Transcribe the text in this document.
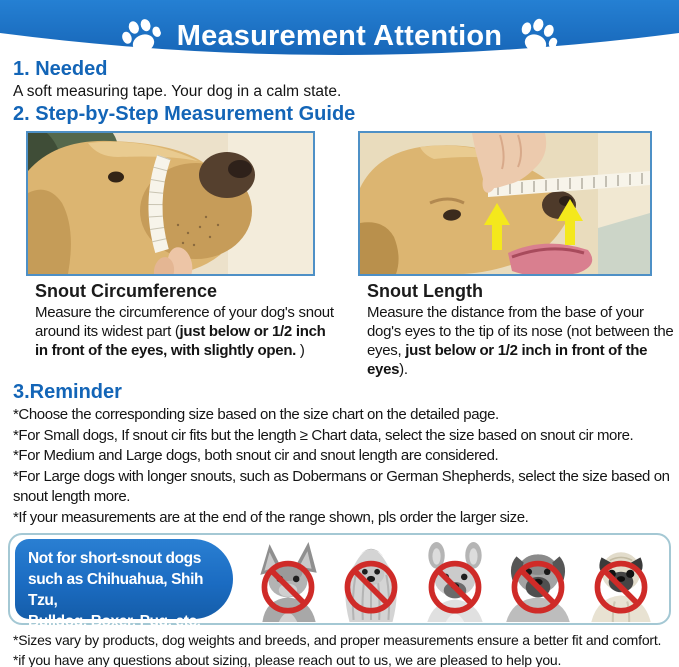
Measurement Attention
Please measure before buying
1. Needed

A soft measuring tape. Your dog in a calm state.

2. Step-by-Step Measurement Guide
Snout Circumference

Measure the circumference of your dog's snout around its widest part (just below or 1/2 inch in front of the eyes, with slightly open. )

Snout Length

Measure the distance from the base of your dog's eyes to the tip of its nose (not between the eyes, just below or 1/2 inch in front of the eyes).

3.Reminder

*Choose the corresponding size based on the size chart on the detailed page.

*For Small dogs, If snout cir fits but the length ≥ Chart data, select the size based on snout cir more.

*For Medium and Large dogs, both snout cir and snout length are considered.

*For Large dogs with longer snouts, such as Dobermans or German Shepherds, select the size based on snout length more.

*If your measurements are at the end of the range shown, pls order the larger size.

Not for short-snout dogs
such as Chihuahua, Shih Tzu,
Bulldog, Boxer, Pug, etc.

*Sizes vary by products, dog weights and breeds, and proper measurements ensure a better fit and comfort.

*if you have any questions about sizing, please reach out to us, we are pleased to help you.
